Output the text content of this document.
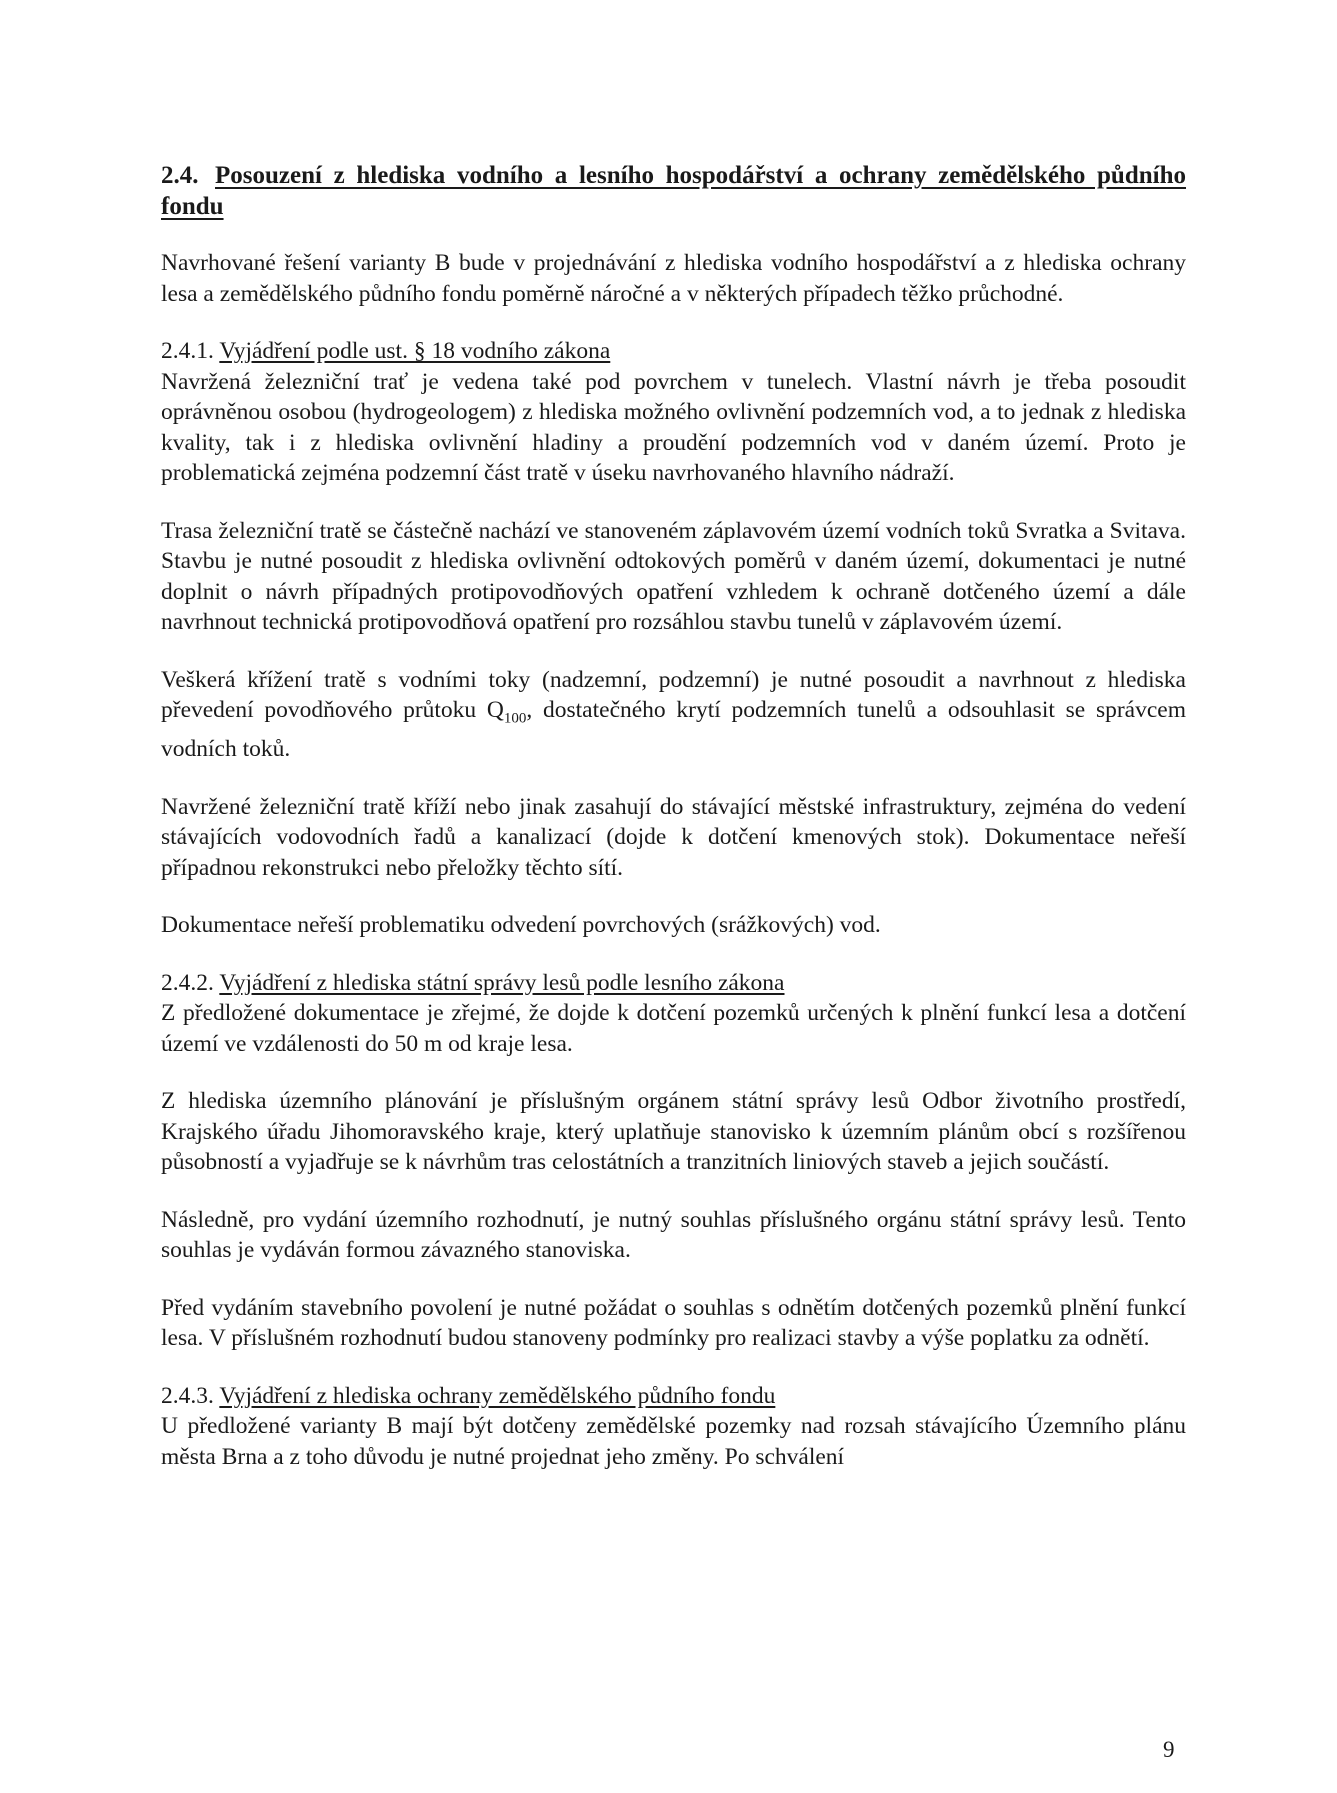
2.4. Posouzení z hlediska vodního a lesního hospodářství a ochrany zemědělského půdního fondu

Navrhované řešení varianty B bude v projednávání z hlediska vodního hospodářství a z hlediska ochrany lesa a zemědělského půdního fondu poměrně náročné a v některých případech těžko průchodné.

2.4.1. Vyjádření podle ust. § 18 vodního zákona

Navržená železniční trať je vedena také pod povrchem v tunelech. Vlastní návrh je třeba posoudit oprávněnou osobou (hydrogeologem) z hlediska možného ovlivnění podzemních vod, a to jednak z hlediska kvality, tak i z hlediska ovlivnění hladiny a proudění podzemních vod v daném území. Proto je problematická zejména podzemní část tratě v úseku navrhovaného hlavního nádraží.

Trasa železniční tratě se částečně nachází ve stanoveném záplavovém území vodních toků Svratka a Svitava. Stavbu je nutné posoudit z hlediska ovlivnění odtokových poměrů v daném území, dokumentaci je nutné doplnit o návrh případných protipovodňových opatření vzhledem k ochraně dotčeného území a dále navrhnout technická protipovodňová opatření pro rozsáhlou stavbu tunelů v záplavovém území.

Veškerá křížení tratě s vodními toky (nadzemní, podzemní) je nutné posoudit a navrhnout z hlediska převedení povodňového průtoku $Q_{100}$, dostatečného krytí podzemních tunelů a odsouhlasit se správcem vodních toků.

Navržené železniční tratě kříží nebo jinak zasahují do stávající městské infrastruktury, zejména do vedení stávajících vodovodních řadů a kanalizací (dojde k dotčení kmenových stok). Dokumentace neřeší případnou rekonstrukci nebo přeložky těchto sítí.

Dokumentace neřeší problematiku odvedení povrchových (srážkových) vod.

2.4.2. Vyjádření z hlediska státní správy lesů podle lesního zákona

Z předložené dokumentace je zřejmé, že dojde k dotčení pozemků určených k plnění funkcí lesa a dotčení území ve vzdálenosti do 50 m od kraje lesa.

Z hlediska územního plánování je příslušným orgánem státní správy lesů Odbor životního prostředí, Krajského úřadu Jihomoravského kraje, který uplatňuje stanovisko k územním plánům obcí s rozšířenou působností a vyjadřuje se k návrhům tras celostátních a tranzitních liniových staveb a jejich součástí.

Následně, pro vydání územního rozhodnutí, je nutný souhlas příslušného orgánu státní správy lesů. Tento souhlas je vydáván formou závazného stanoviska.

Před vydáním stavebního povolení je nutné požádat o souhlas s odnětím dotčených pozemků plnění funkcí lesa. V příslušném rozhodnutí budou stanoveny podmínky pro realizaci stavby a výše poplatku za odnětí.

2.4.3. Vyjádření z hlediska ochrany zemědělského půdního fondu

U předložené varianty B mají být dotčeny zemědělské pozemky nad rozsah stávajícího Územního plánu města Brna a z toho důvodu je nutné projednat jeho změny. Po schválení

9
